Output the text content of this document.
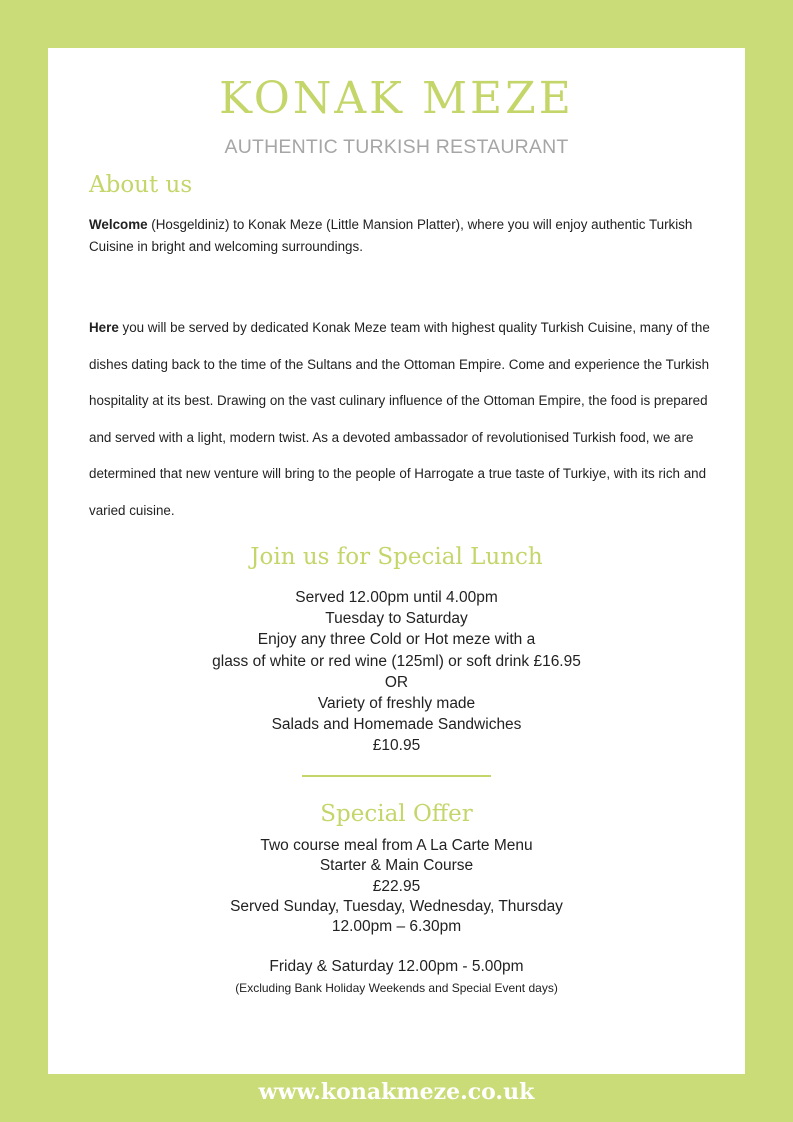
KONAK MEZE
AUTHENTIC TURKISH RESTAURANT
About us
Welcome (Hosgeldiniz) to Konak Meze (Little Mansion Platter), where you will enjoy authentic Turkish Cuisine in bright and welcoming surroundings.
Here you will be served by dedicated Konak Meze team with highest quality Turkish Cuisine, many of the dishes dating back to the time of the Sultans and the Ottoman Empire. Come and experience the Turkish hospitality at its best. Drawing on the vast culinary influence of the Ottoman Empire, the food is prepared and served with a light, modern twist. As a devoted ambassador of revolutionised Turkish food, we are determined that new venture will bring to the people of Harrogate a true taste of Turkiye, with its rich and varied cuisine.
Join us for Special Lunch
Served 12.00pm until 4.00pm
Tuesday to Saturday
Enjoy any three Cold or Hot meze with a
glass of white or red wine (125ml) or soft drink £16.95
OR
Variety of freshly made
Salads and Homemade Sandwiches
£10.95
Special Offer
Two course meal from A La Carte Menu
Starter & Main Course
£22.95
Served Sunday, Tuesday, Wednesday, Thursday
12.00pm – 6.30pm
Friday & Saturday 12.00pm - 5.00pm
(Excluding Bank Holiday Weekends and Special Event days)
www.konakmeze.co.uk
